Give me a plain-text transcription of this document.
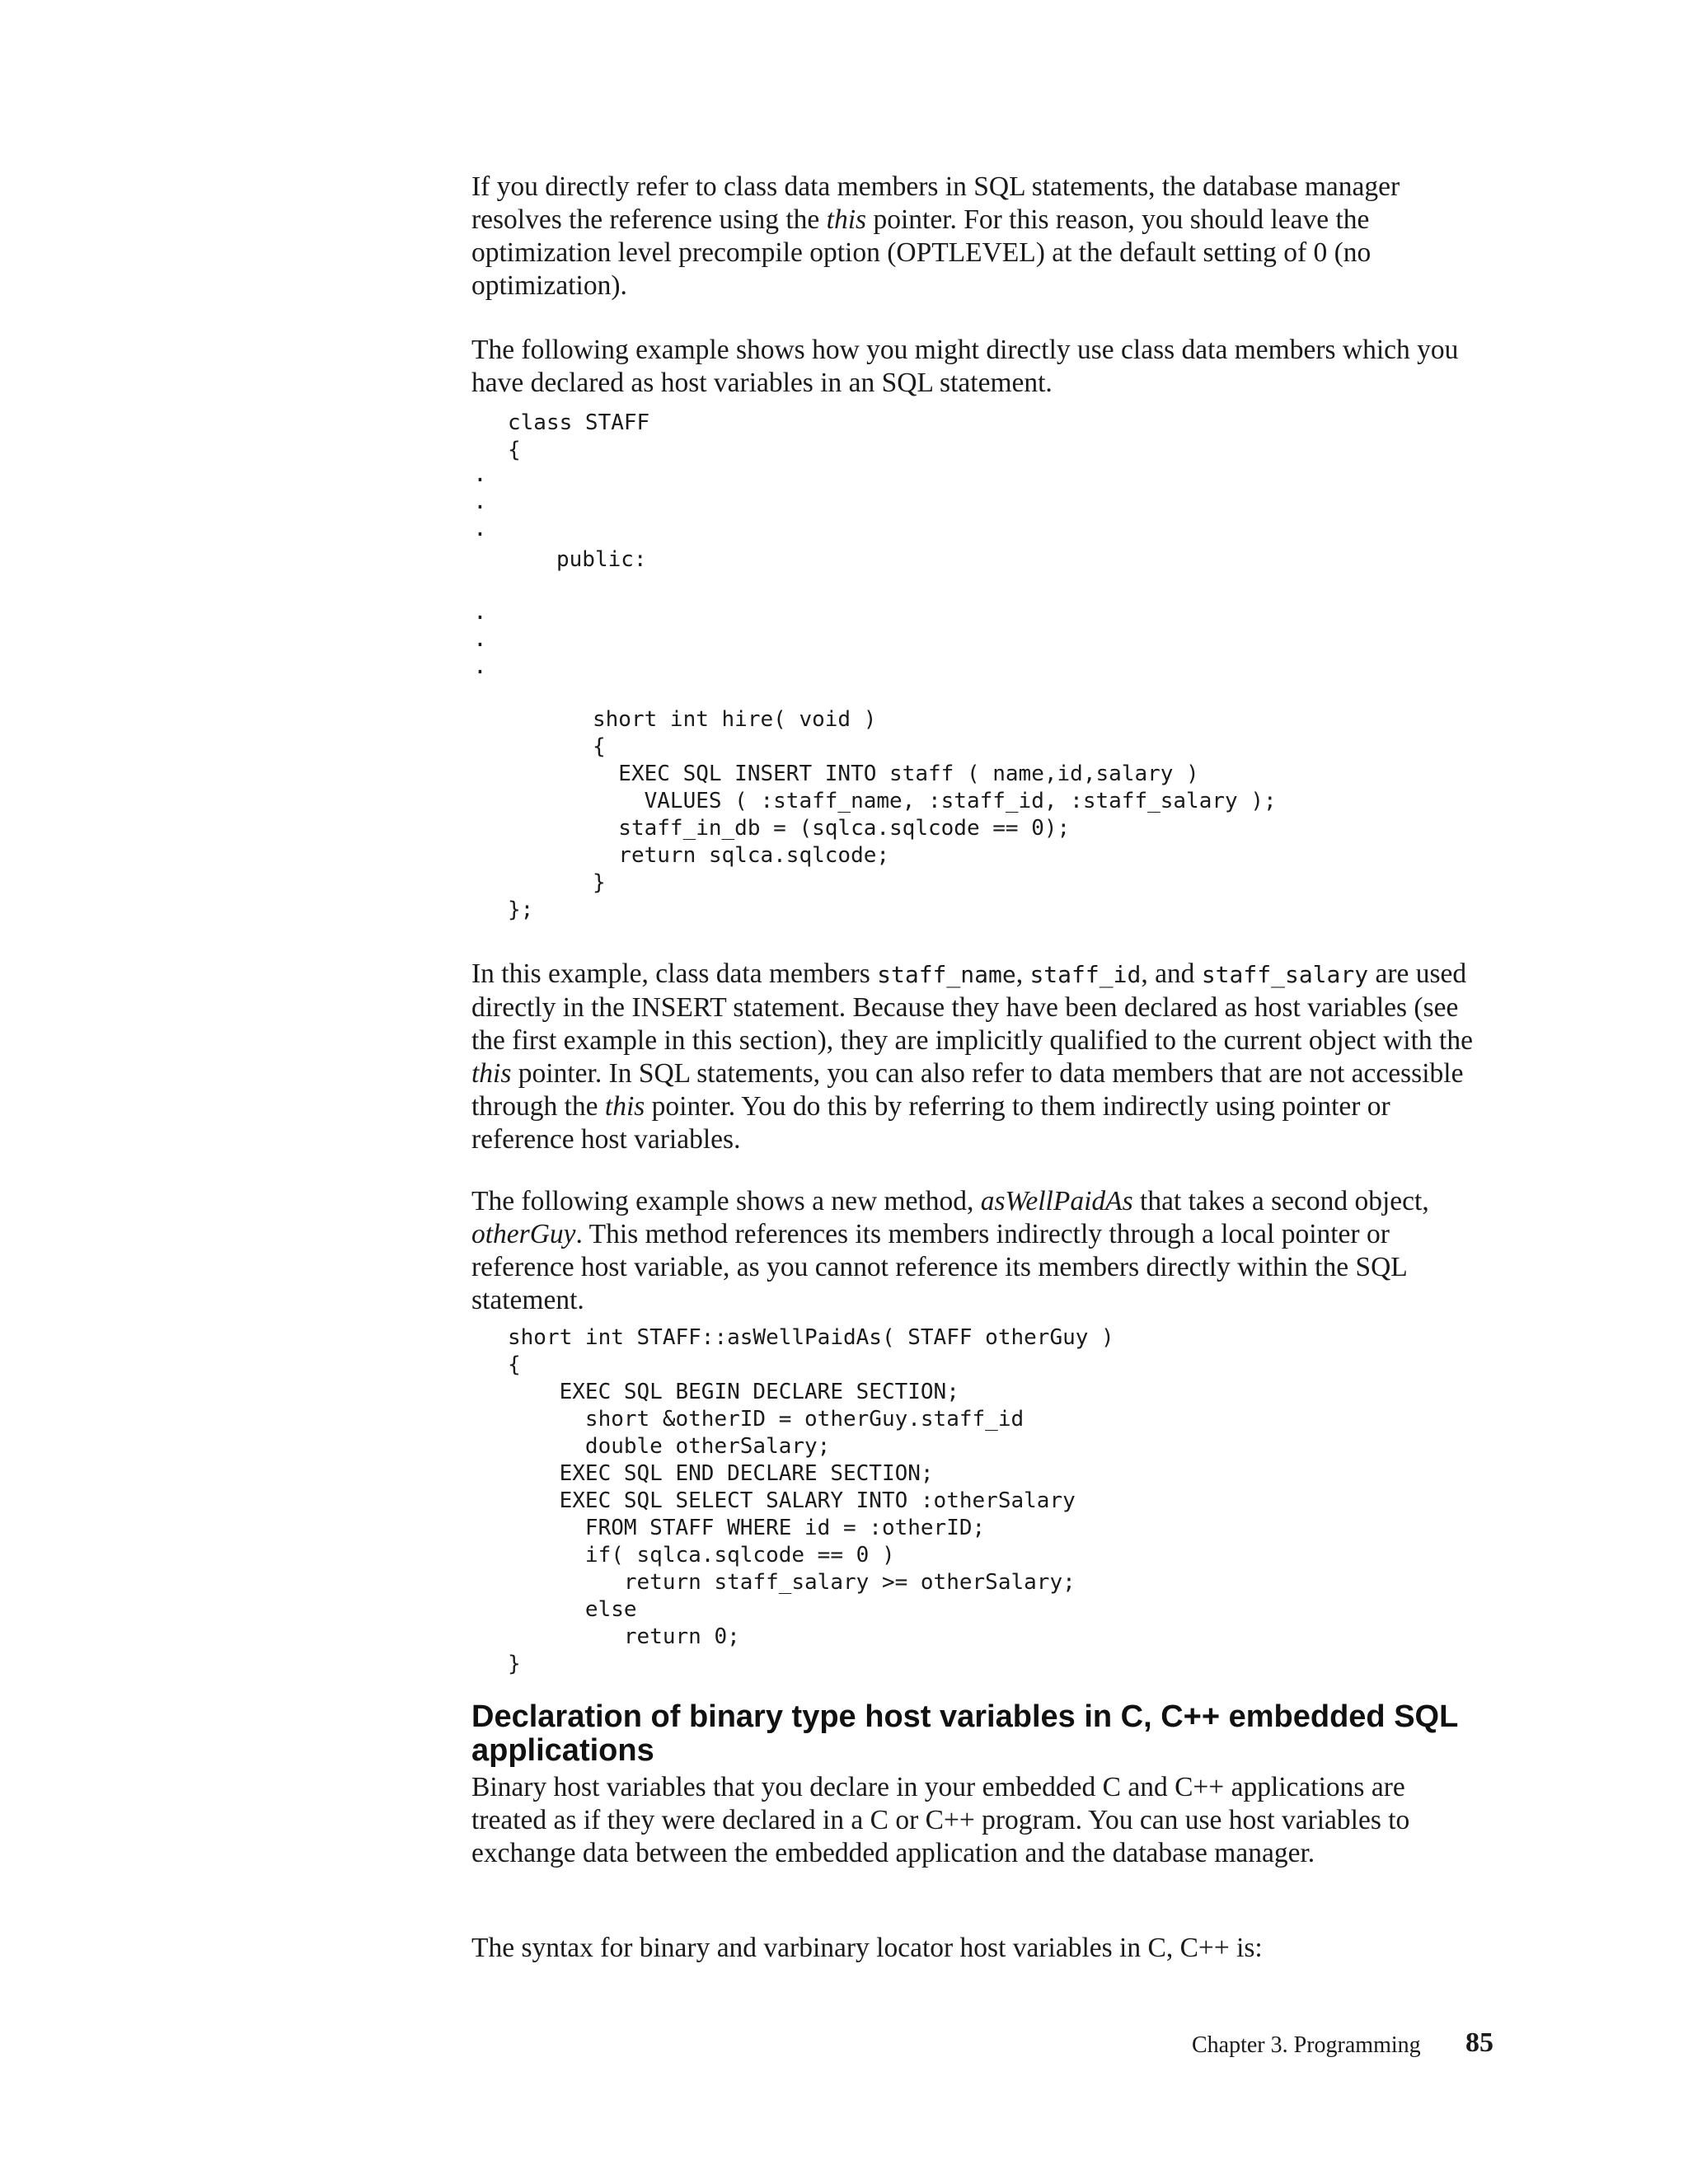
If you directly refer to class data members in SQL statements, the database manager resolves the reference using the this pointer. For this reason, you should leave the optimization level precompile option (OPTLEVEL) at the default setting of 0 (no optimization).

The following example shows how you might directly use class data members which you have declared as host variables in an SQL statement.

class STAFF
{
.
.
.
public:
.
.
.
short int hire( void )
{
EXEC SQL INSERT INTO staff ( name,id,salary )
VALUES ( :staff_name, :staff_id, :staff_salary );
staff_in_db = (sqlca.sqlcode == 0);
return sqlca.sqlcode;
}
};

In this example, class data members staff_name, staff_id, and staff_salary are used directly in the INSERT statement. Because they have been declared as host variables (see the first example in this section), they are implicitly qualified to the current object with the this pointer. In SQL statements, you can also refer to data members that are not accessible through the this pointer. You do this by referring to them indirectly using pointer or reference host variables.

The following example shows a new method, asWellPaidAs that takes a second object, otherGuy. This method references its members indirectly through a local pointer or reference host variable, as you cannot reference its members directly within the SQL statement.

short int STAFF::asWellPaidAs( STAFF otherGuy )
{
EXEC SQL BEGIN DECLARE SECTION;
short &otherID = otherGuy.staff_id
double otherSalary;
EXEC SQL END DECLARE SECTION;
EXEC SQL SELECT SALARY INTO :otherSalary
FROM STAFF WHERE id = :otherID;
if( sqlca.sqlcode == 0 )
return staff_salary >= otherSalary;
else
return 0;
}
Declaration of binary type host variables in C, C++ embedded SQL applications

Binary host variables that you declare in your embedded C and C++ applications are treated as if they were declared in a C or C++ program. You can use host variables to exchange data between the embedded application and the database manager.

The syntax for binary and varbinary locator host variables in C, C++ is:

Chapter 3. Programming 85
